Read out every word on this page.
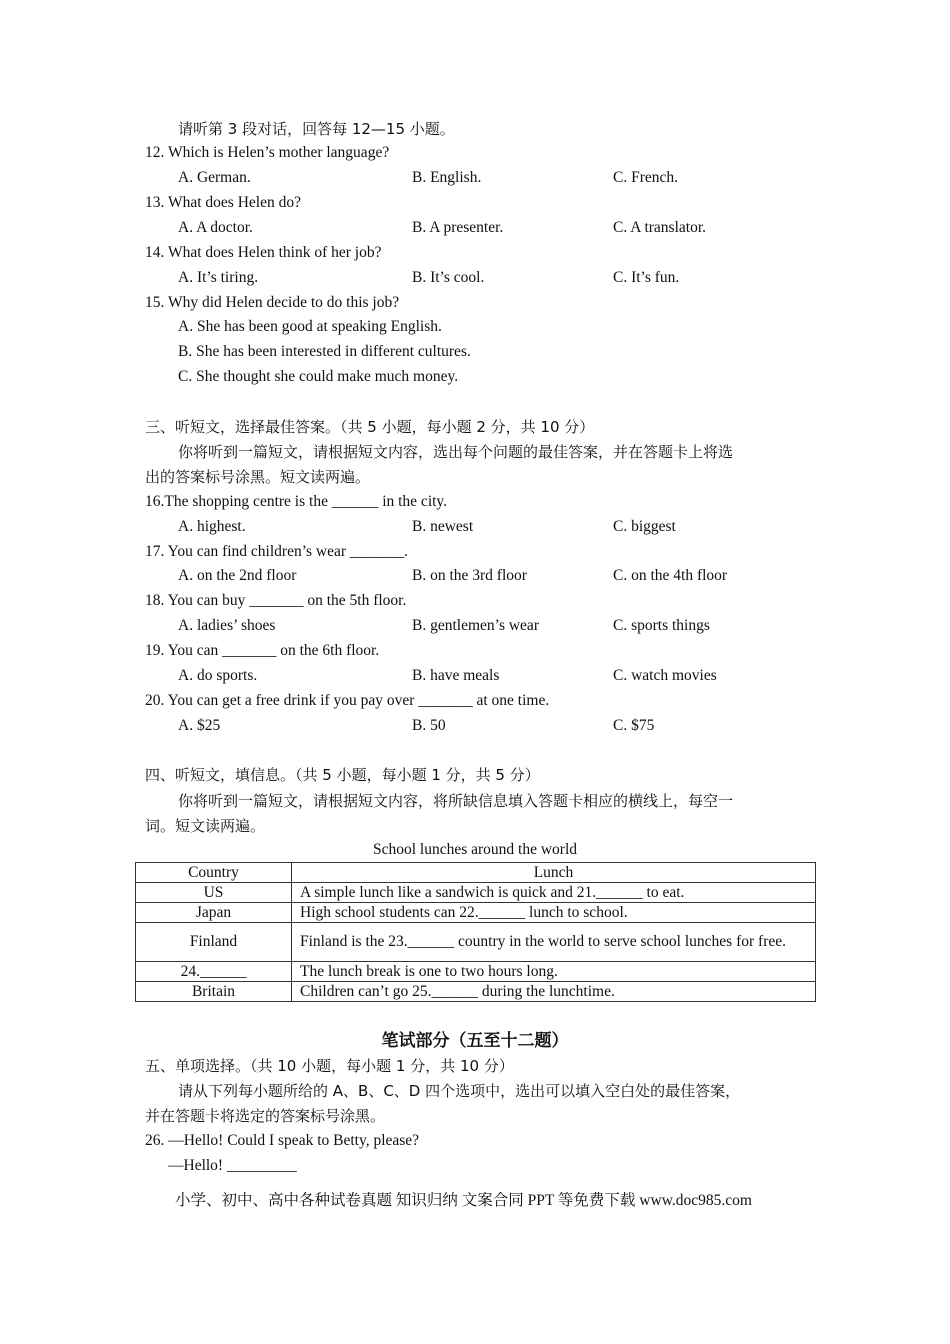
请听第 3 段对话，回答每 12—15 小题。
12. Which is Helen’s mother language?
A. German.	B. English.	C. French.
13. What does Helen do?
A. A doctor.	B. A presenter.	C. A translator.
14. What does Helen think of her job?
A. It’s tiring.	B. It’s cool.	C. It’s fun.
15. Why did Helen decide to do this job?
A. She has been good at speaking English.
B. She has been interested in different cultures.
C. She thought she could make much money.
三、听短文，选择最佳答案。（共 5 小题，每小题 2 分，共 10 分）
你将听到一篇短文，请根据短文内容，选出每个问题的最佳答案，并在答题卡上将选
出的答案标号涂黑。短文读两遍。
16.The shopping centre is the ______ in the city.
A. highest.	B. newest	C. biggest
17. You can find children’s wear _______.
A. on the 2nd floor	B. on the 3rd floor	C. on the 4th floor
18. You can buy _______ on the 5th floor.
A. ladies’ shoes	B. gentlemen’s wear	C. sports things
19. You can _______ on the 6th floor.
A. do sports.	B. have meals	C. watch movies
20. You can get a free drink if you pay over _______ at one time.
A. $25	B. 50	C. $75
四、听短文，填信息。（共 5 小题，每小题 1 分，共 5 分）
你将听到一篇短文，请根据短文内容，将所缺信息填入答题卡相应的横线上，每空一
词。短文读两遍。
School lunches around the world
Country	Lunch
US	A simple lunch like a sandwich is quick and 21.______ to eat.
Japan	High school students can 22.______ lunch to school.
Finland	Finland is the 23.______ country in the world to serve school lunches for free.
24.______	The lunch break is one to two hours long.
Britain	Children can’t go 25.______ during the lunchtime.
笔试部分（五至十二题）
五、单项选择。（共 10 小题，每小题 1 分，共 10 分）
请从下列每小题所给的 A、B、C、D 四个选项中，选出可以填入空白处的最佳答案，
并在答题卡将选定的答案标号涂黑。
26. —Hello! Could I speak to Betty, please?
—Hello! _________
小学、初中、高中各种试卷真题 知识归纳 文案合同 PPT 等免费下载 www.doc985.com
